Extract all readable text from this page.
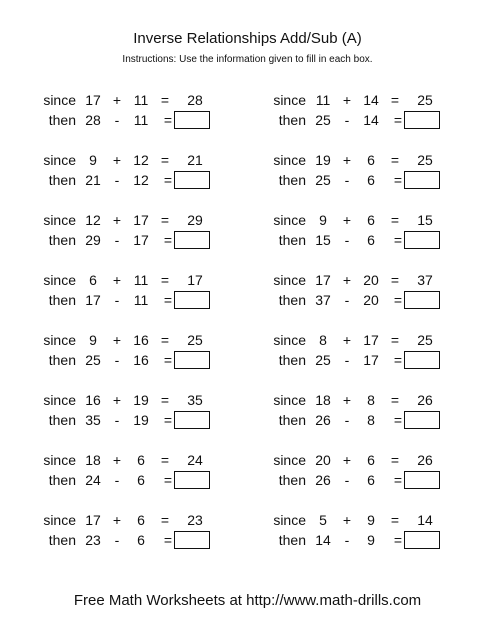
Inverse Relationships Add/Sub (A)
Instructions: Use the information given to fill in each box.
since 17 + 11 =	28
then 28 -	11	=
since 11 + 14 =	25
then 25 - 14	=
since 9	+ 12 =	21
then 21 - 12	=
since 19 +	6	=	25
then 25 -	6	=
since 12 + 17 =	29
then 29 - 17	=
since 9	+	6	=	15
then 15 -	6	=
since 6	+ 11 =	17
then 17 -	11	=
since 17 + 20 =	37
then 37 - 20	=
since 9	+ 16 =	25
then 25 - 16	=
since 8	+ 17 =	25
then 25 - 17	=
since 16 + 19 =	35
then 35 - 19	=
since 18 +	8	=	26
then 26 -	8	=
since 18 +	6	=	24
then 24 -	6	=
since 20 +	6	=	26
then 26 -	6	=
since 17 +	6	=	23
then 23 -	6	=
since 5	+	9	=	14
then 14 -	9	=
Free Math Worksheets at http://www.math-drills.com
